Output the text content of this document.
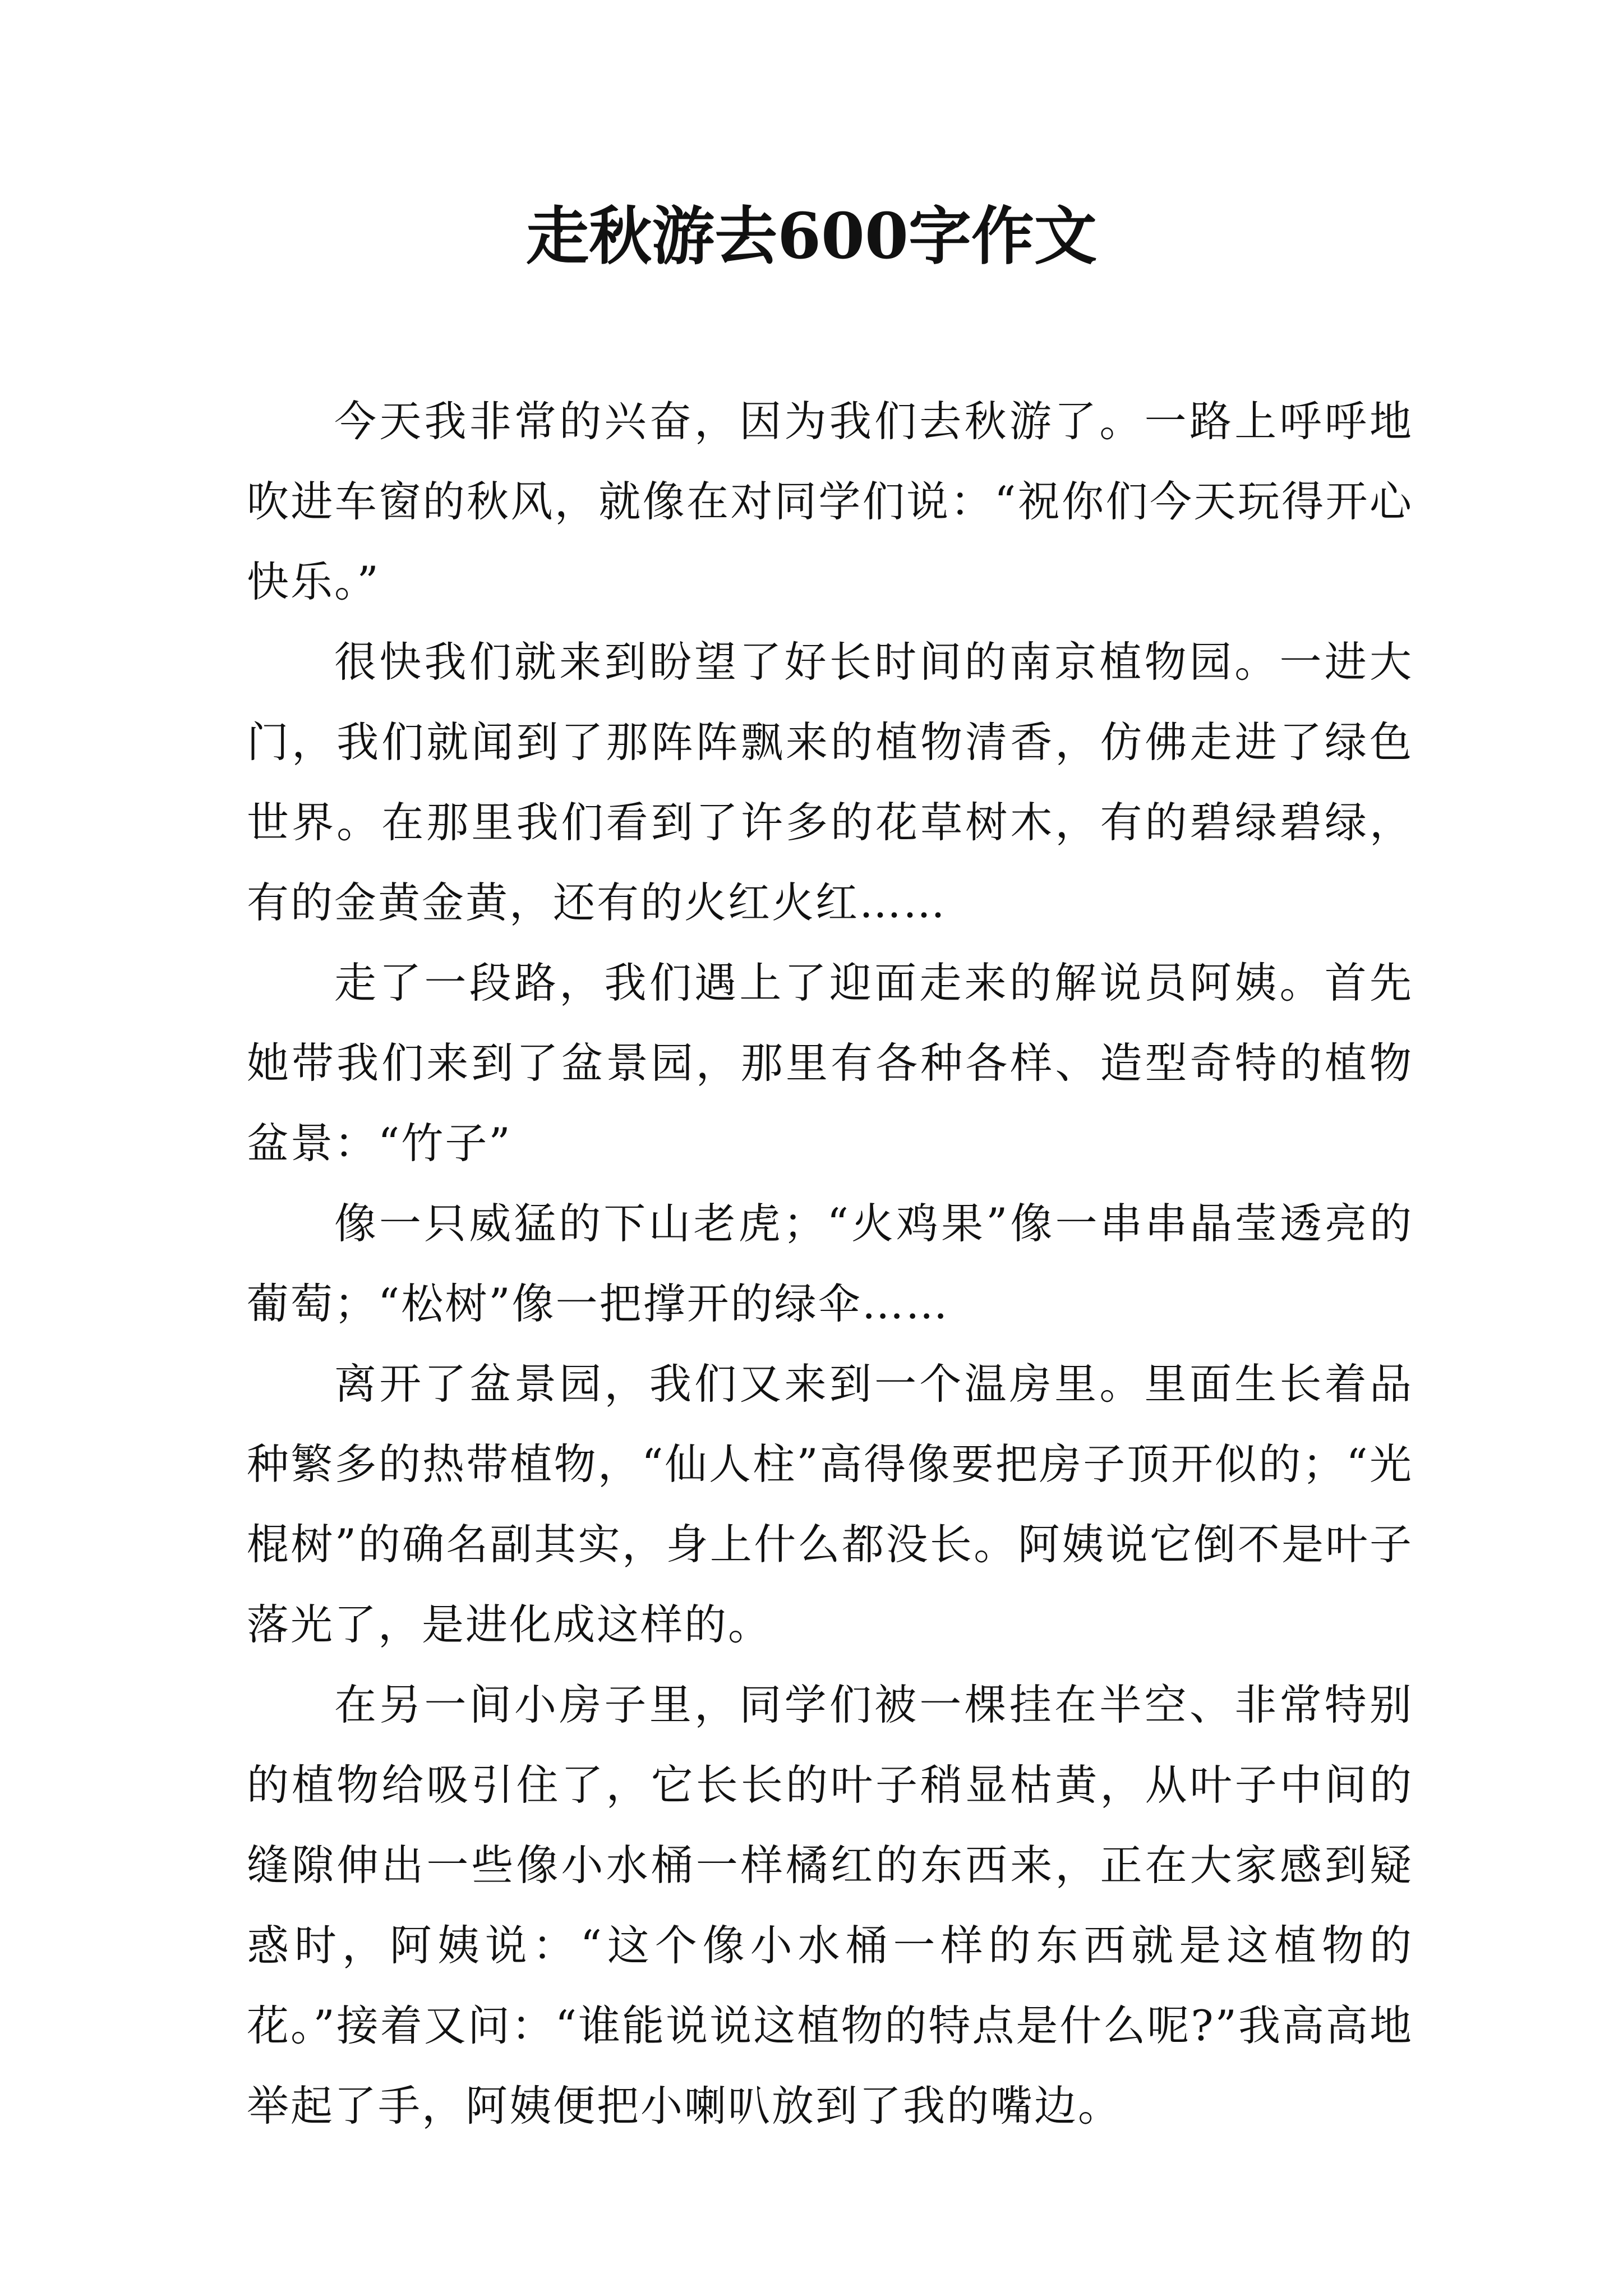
走秋游去600字作文

今天我非常的兴奋，因为我们去秋游了。一路上呼呼地吹进车窗的秋风，就像在对同学们说：“祝你们今天玩得开心快乐。”

很快我们就来到盼望了好长时间的南京植物园。一进大门，我们就闻到了那阵阵飘来的植物清香，仿佛走进了绿色世界。在那里我们看到了许多的花草树木，有的碧绿碧绿，有的金黄金黄，还有的火红火红……

走了一段路，我们遇上了迎面走来的解说员阿姨。首先她带我们来到了盆景园，那里有各种各样、造型奇特的植物盆景：“竹子”

像一只威猛的下山老虎；“火鸡果”像一串串晶莹透亮的葡萄；“松树”像一把撑开的绿伞……

离开了盆景园，我们又来到一个温房里。里面生长着品种繁多的热带植物，“仙人柱”高得像要把房子顶开似的；“光棍树”的确名副其实，身上什么都没长。阿姨说它倒不是叶子落光了，是进化成这样的。

在另一间小房子里，同学们被一棵挂在半空、非常特别的植物给吸引住了，它长长的叶子稍显枯黄，从叶子中间的缝隙伸出一些像小水桶一样橘红的东西来，正在大家感到疑惑时，阿姨说：“这个像小水桶一样的东西就是这植物的花。”接着又问：“谁能说说这植物的特点是什么呢?”我高高地举起了手，阿姨便把小喇叭放到了我的嘴边。
